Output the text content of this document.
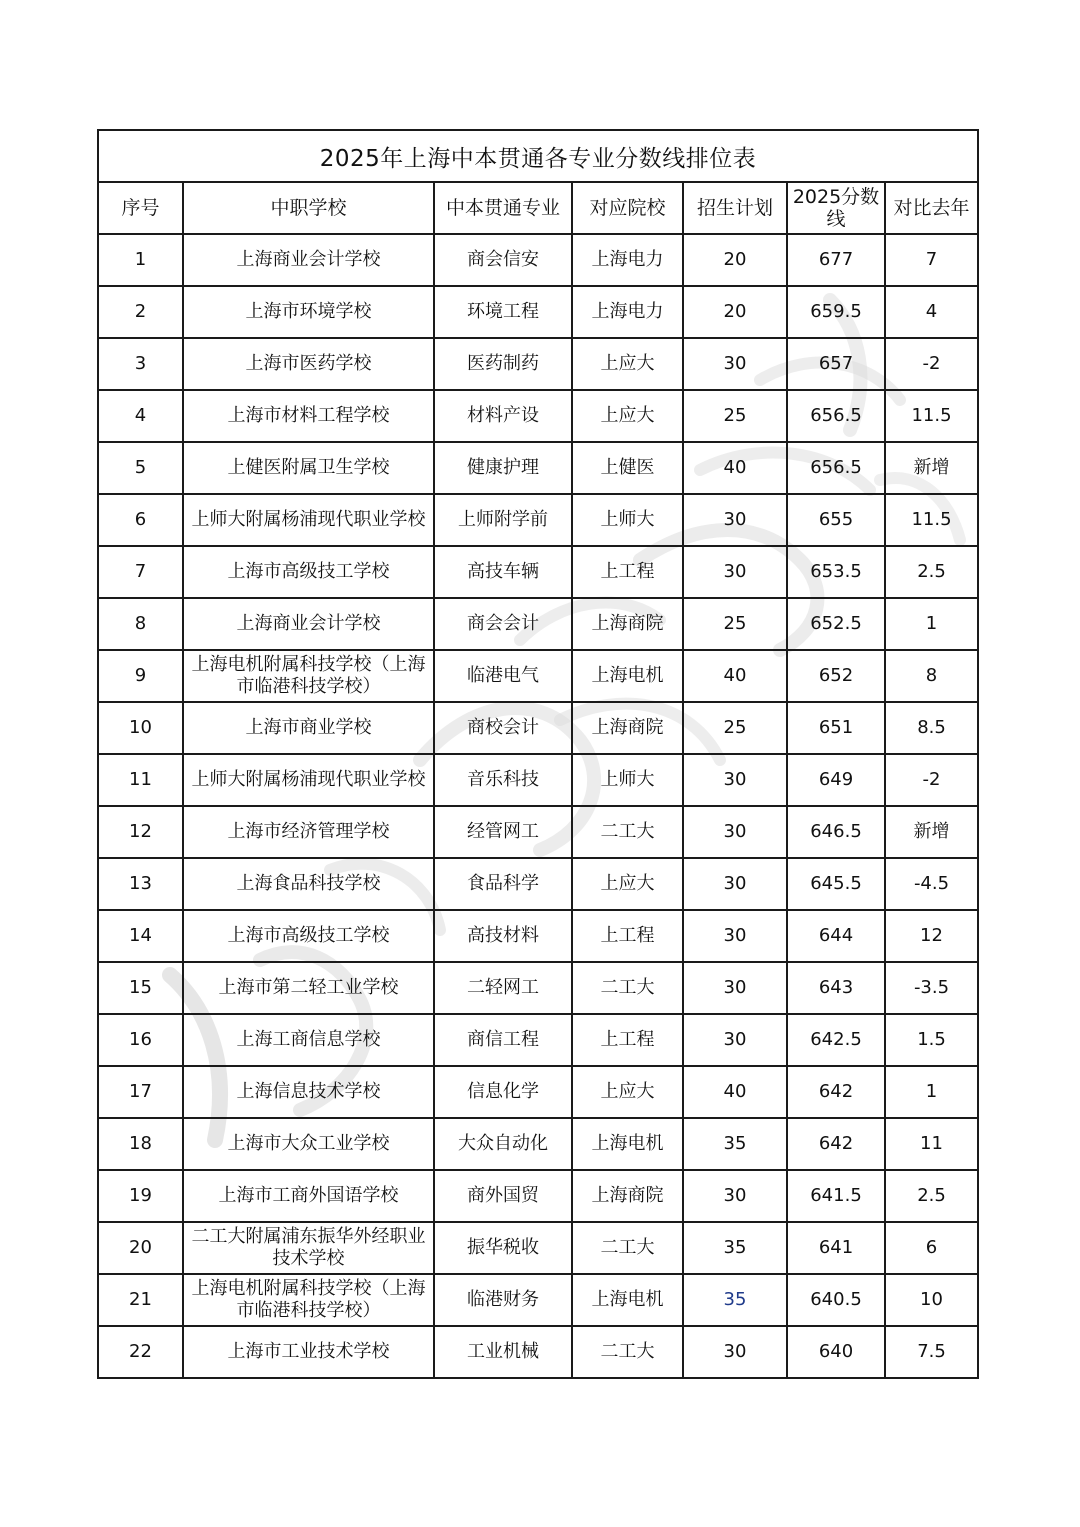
2025年上海中本贯通各专业分数线排位表						
序号	中职学校	中本贯通专业	对应院校	招生计划	2025分数线	对比去年
1	上海商业会计学校	商会信安	上海电力	20	677	7
2	上海市环境学校	环境工程	上海电力	20	659.5	4
3	上海市医药学校	医药制药	上应大	30	657	-2
4	上海市材料工程学校	材料产设	上应大	25	656.5	11.5
5	上健医附属卫生学校	健康护理	上健医	40	656.5	新增
6	上师大附属杨浦现代职业学校	上师附学前	上师大	30	655	11.5
7	上海市高级技工学校	高技车辆	上工程	30	653.5	2.5
8	上海商业会计学校	商会会计	上海商院	25	652.5	1
9	上海电机附属科技学校（上海市临港科技学校）	临港电气	上海电机	40	652	8
10	上海市商业学校	商校会计	上海商院	25	651	8.5
11	上师大附属杨浦现代职业学校	音乐科技	上师大	30	649	-2
12	上海市经济管理学校	经管网工	二工大	30	646.5	新增
13	上海食品科技学校	食品科学	上应大	30	645.5	-4.5
14	上海市高级技工学校	高技材料	上工程	30	644	12
15	上海市第二轻工业学校	二轻网工	二工大	30	643	-3.5
16	上海工商信息学校	商信工程	上工程	30	642.5	1.5
17	上海信息技术学校	信息化学	上应大	40	642	1
18	上海市大众工业学校	大众自动化	上海电机	35	642	11
19	上海市工商外国语学校	商外国贸	上海商院	30	641.5	2.5
20	二工大附属浦东振华外经职业技术学校	振华税收	二工大	35	641	6
21	上海电机附属科技学校（上海市临港科技学校）	临港财务	上海电机	35	640.5	10
22	上海市工业技术学校	工业机械	二工大	30	640	7.5
